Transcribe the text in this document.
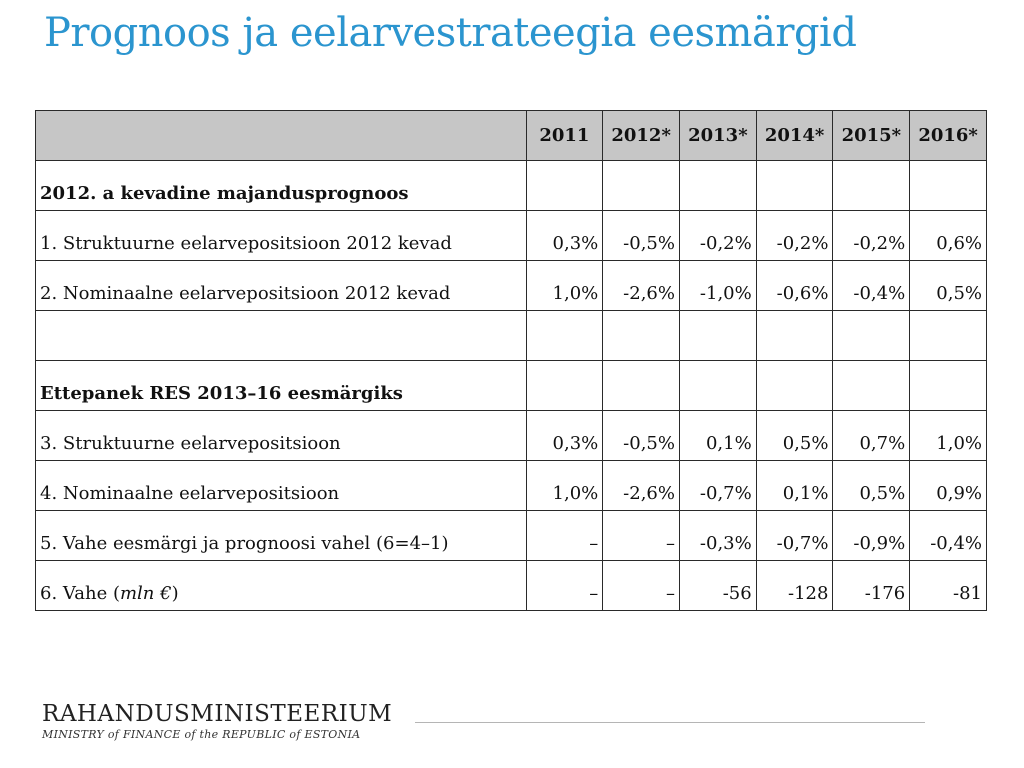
Prognoos ja eelarvestrateegia eesmärgid
	2011	2012*	2013*	2014*	2015*	2016*
2012. a kevadine majandusprognoos						
1. Struktuurne eelarvepositsioon 2012 kevad	0,3%	-0,5%	-0,2%	-0,2%	-0,2%	0,6%
2. Nominaalne eelarvepositsioon 2012 kevad	1,0%	-2,6%	-1,0%	-0,6%	-0,4%	0,5%

Ettepanek RES 2013–16 eesmärgiks						
3. Struktuurne eelarvepositsioon	0,3%	-0,5%	0,1%	0,5%	0,7%	1,0%
4. Nominaalne eelarvepositsioon	1,0%	-2,6%	-0,7%	0,1%	0,5%	0,9%
5. Vahe eesmärgi ja prognoosi vahel (6=4–1)	–	–	-0,3%	-0,7%	-0,9%	-0,4%
6. Vahe (mln €)	–	–	-56	-128	-176	-81
RAHANDUSMINISTEERIUM
MINISTRY of FINANCE of the REPUBLIC of ESTONIA
